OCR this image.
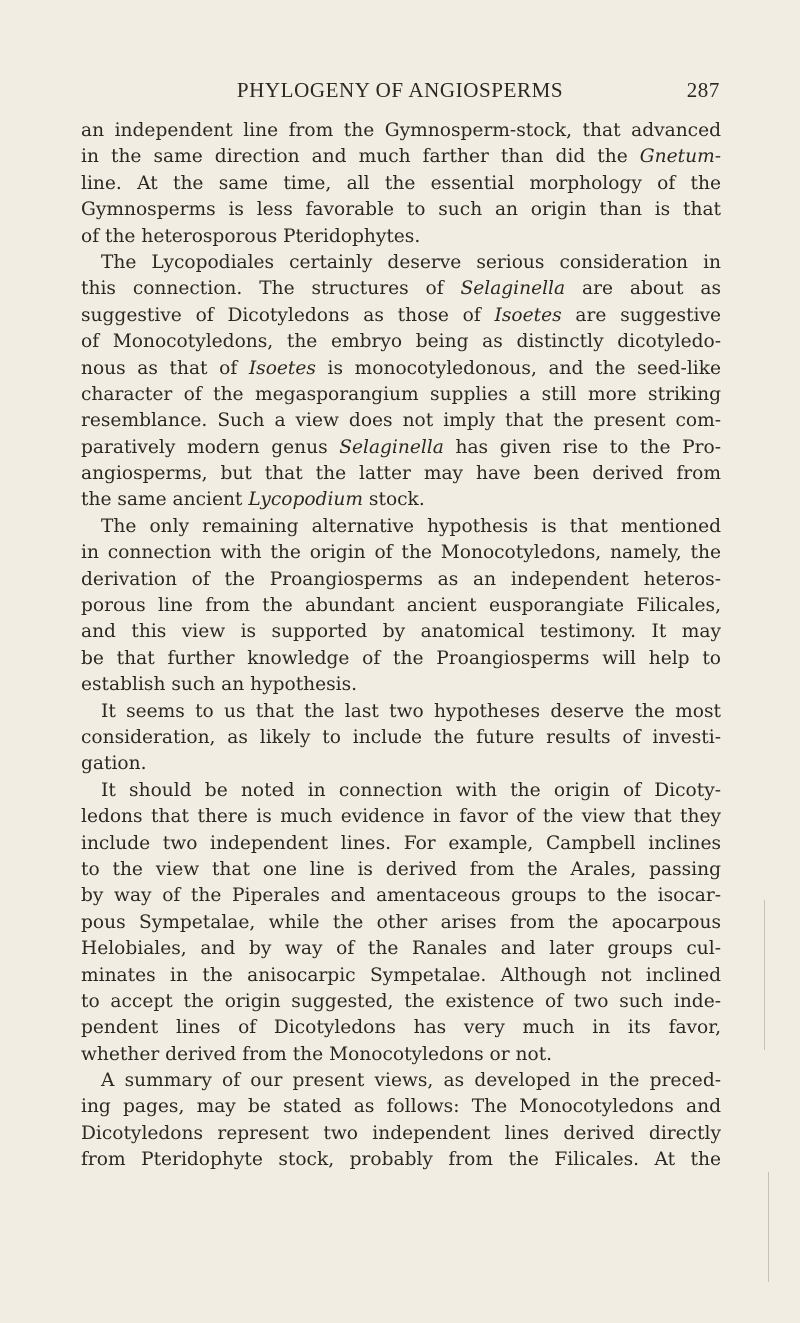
PHYLOGENY OF ANGIOSPERMS	287
an independent line from the Gymnosperm-stock, that advanced
in the same direction and much farther than did the Gnetum-
line. At the same time, all the essential morphology of the
Gymnosperms is less favorable to such an origin than is that
of the heterosporous Pteridophytes.
The Lycopodiales certainly deserve serious consideration in
this connection. The structures of Selaginella are about as
suggestive of Dicotyledons as those of Isoetes are suggestive
of Monocotyledons, the embryo being as distinctly dicotyledo-
nous as that of Isoetes is monocotyledonous, and the seed-like
character of the megasporangium supplies a still more striking
resemblance. Such a view does not imply that the present com-
paratively modern genus Selaginella has given rise to the Pro-
angiosperms, but that the latter may have been derived from
the same ancient Lycopodium stock.
The only remaining alternative hypothesis is that mentioned
in connection with the origin of the Monocotyledons, namely, the
derivation of the Proangiosperms as an independent heteros-
porous line from the abundant ancient eusporangiate Filicales,
and this view is supported by anatomical testimony. It may
be that further knowledge of the Proangiosperms will help to
establish such an hypothesis.
It seems to us that the last two hypotheses deserve the most
consideration, as likely to include the future results of investi-
gation.
It should be noted in connection with the origin of Dicoty-
ledons that there is much evidence in favor of the view that they
include two independent lines. For example, Campbell inclines
to the view that one line is derived from the Arales, passing
by way of the Piperales and amentaceous groups to the isocar-
pous Sympetalae, while the other arises from the apocarpous
Helobiales, and by way of the Ranales and later groups cul-
minates in the anisocarpic Sympetalae. Although not inclined
to accept the origin suggested, the existence of two such inde-
pendent lines of Dicotyledons has very much in its favor,
whether derived from the Monocotyledons or not.
A summary of our present views, as developed in the preced-
ing pages, may be stated as follows: The Monocotyledons and
Dicotyledons represent two independent lines derived directly
from Pteridophyte stock, probably from the Filicales. At the
